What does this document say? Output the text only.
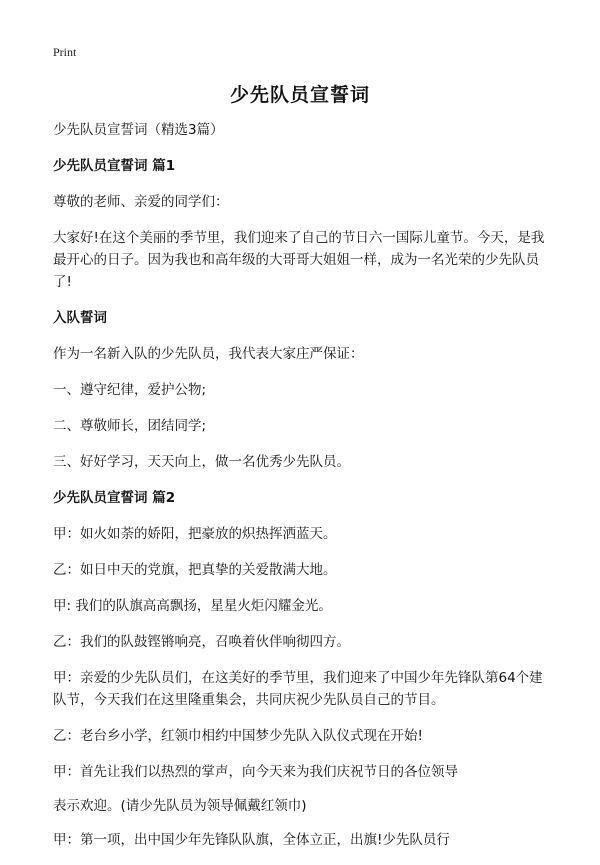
Print
少先队员宣誓词

少先队员宣誓词（精选3篇）

少先队员宣誓词 篇1

尊敬的老师、亲爱的同学们：

大家好!在这个美丽的季节里，我们迎来了自己的节日六一国际儿童节。今天，是我最开心的日子。因为我也和高年级的大哥哥大姐姐一样，成为一名光荣的少先队员了!

入队誓词

作为一名新入队的少先队员，我代表大家庄严保证：

一、遵守纪律，爱护公物;

二、尊敬师长，团结同学;

三、好好学习，天天向上，做一名优秀少先队员。

少先队员宣誓词 篇2

甲：如火如荼的娇阳，把豪放的炽热挥洒蓝天。

乙：如日中天的党旗，把真挚的关爱散满大地。

甲: 我们的队旗高高飘扬，星星火炬闪耀金光。

乙：我们的队鼓铿锵响亮，召唤着伙伴响彻四方。

甲：亲爱的少先队员们，在这美好的季节里，我们迎来了中国少年先锋队第64个建队节，今天我们在这里隆重集会，共同庆祝少先队员自己的节目。

乙：老台乡小学，红领巾相约中国梦少先队入队仪式现在开始!

甲：首先让我们以热烈的掌声，向今天来为我们庆祝节日的各位领导

表示欢迎。(请少先队员为领导佩戴红领巾)

甲：第一项，出中国少年先锋队队旗，全体立正，出旗!少先队员行
